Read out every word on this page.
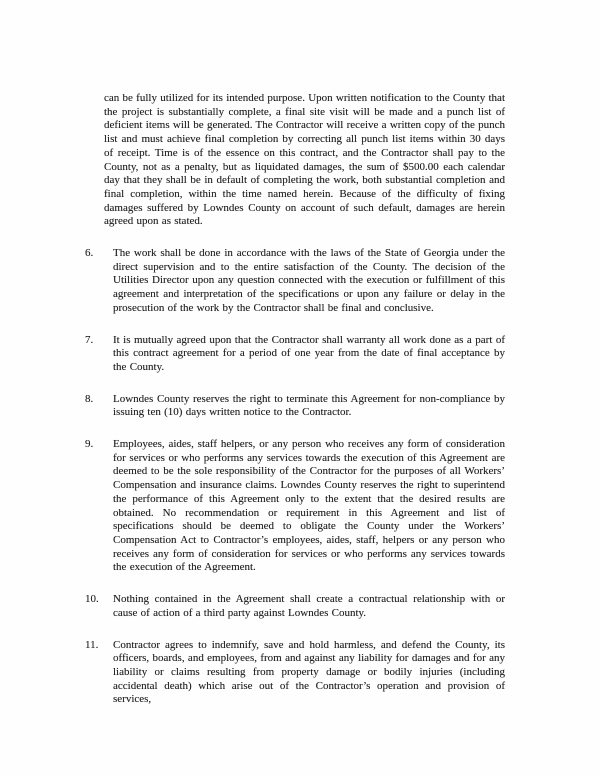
can be fully utilized for its intended purpose. Upon written notification to the County that the project is substantially complete, a final site visit will be made and a punch list of deficient items will be generated. The Contractor will receive a written copy of the punch list and must achieve final completion by correcting all punch list items within 30 days of receipt. Time is of the essence on this contract, and the Contractor shall pay to the County, not as a penalty, but as liquidated damages, the sum of $500.00 each calendar day that they shall be in default of completing the work, both substantial completion and final completion, within the time named herein. Because of the difficulty of fixing damages suffered by Lowndes County on account of such default, damages are herein agreed upon as stated.
6.	The work shall be done in accordance with the laws of the State of Georgia under the direct supervision and to the entire satisfaction of the County. The decision of the Utilities Director upon any question connected with the execution or fulfillment of this agreement and interpretation of the specifications or upon any failure or delay in the prosecution of the work by the Contractor shall be final and conclusive.
7.	It is mutually agreed upon that the Contractor shall warranty all work done as a part of this contract agreement for a period of one year from the date of final acceptance by the County.
8.	Lowndes County reserves the right to terminate this Agreement for non-compliance by issuing ten (10) days written notice to the Contractor.
9.	Employees, aides, staff helpers, or any person who receives any form of consideration for services or who performs any services towards the execution of this Agreement are deemed to be the sole responsibility of the Contractor for the purposes of all Workers’ Compensation and insurance claims. Lowndes County reserves the right to superintend the performance of this Agreement only to the extent that the desired results are obtained. No recommendation or requirement in this Agreement and list of specifications should be deemed to obligate the County under the Workers’ Compensation Act to Contractor’s employees, aides, staff, helpers or any person who receives any form of consideration for services or who performs any services towards the execution of the Agreement.
10.	Nothing contained in the Agreement shall create a contractual relationship with or cause of action of a third party against Lowndes County.
11.	Contractor agrees to indemnify, save and hold harmless, and defend the County, its officers, boards, and employees, from and against any liability for damages and for any liability or claims resulting from property damage or bodily injuries (including accidental death) which arise out of the Contractor’s operation and provision of services,
